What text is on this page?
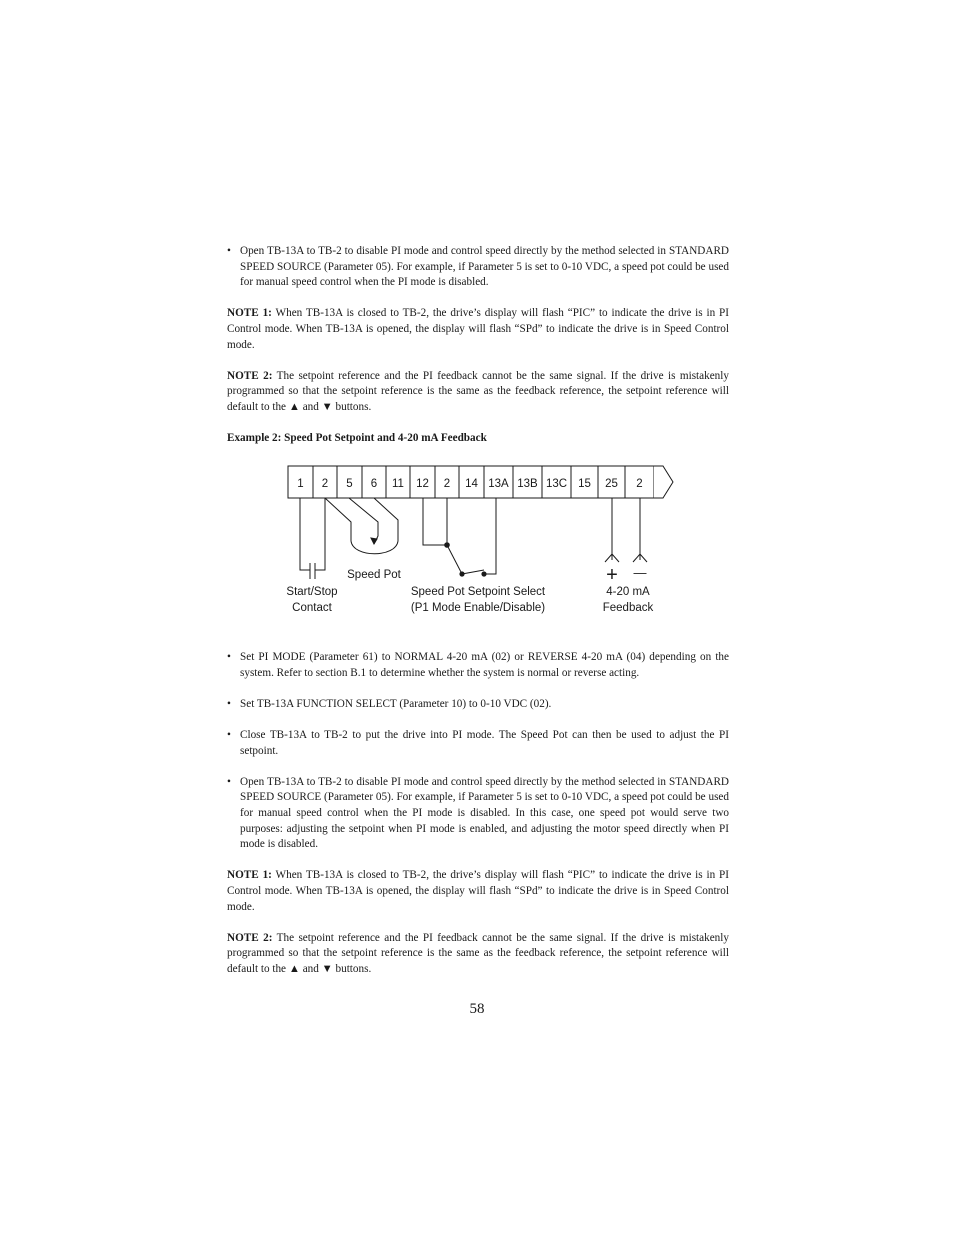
• Open TB-13A to TB-2 to disable PI mode and control speed directly by the method selected in STANDARD SPEED SOURCE (Parameter 05). For example, if Parameter 5 is set to 0-10 VDC, a speed pot could be used for manual speed control when the PI mode is disabled.

NOTE 1: When TB-13A is closed to TB-2, the drive’s display will flash “PIC” to indicate the drive is in PI Control mode. When TB-13A is opened, the display will flash “SPd” to indicate the drive is in Speed Control mode.

NOTE 2: The setpoint reference and the PI feedback cannot be the same signal. If the drive is mistakenly programmed so that the setpoint reference is the same as the feedback reference, the setpoint reference will default to the ▲ and ▼ buttons.

Example 2: Speed Pot Setpoint and 4-20 mA Feedback

1 2 5 6 11 12 2 14 13A 13B 13C 15 25 2
+ —
Speed Pot
Start/Stop
Contact
Speed Pot Setpoint Select
(P1 Mode Enable/Disable)
4-20 mA
Feedback

• Set PI MODE (Parameter 61) to NORMAL 4-20 mA (02) or REVERSE 4-20 mA (04) depending on the system. Refer to section B.1 to determine whether the system is normal or reverse acting.

• Set TB-13A FUNCTION SELECT (Parameter 10) to 0-10 VDC (02).

• Close TB-13A to TB-2 to put the drive into PI mode. The Speed Pot can then be used to adjust the PI setpoint.

• Open TB-13A to TB-2 to disable PI mode and control speed directly by the method selected in STANDARD SPEED SOURCE (Parameter 05). For example, if Parameter 5 is set to 0-10 VDC, a speed pot could be used for manual speed control when the PI mode is disabled. In this case, one speed pot would serve two purposes: adjusting the setpoint when PI mode is enabled, and adjusting the motor speed directly when PI mode is disabled.

NOTE 1: When TB-13A is closed to TB-2, the drive’s display will flash “PIC” to indicate the drive is in PI Control mode. When TB-13A is opened, the display will flash “SPd” to indicate the drive is in Speed Control mode.

NOTE 2: The setpoint reference and the PI feedback cannot be the same signal. If the drive is mistakenly programmed so that the setpoint reference is the same as the feedback reference, the setpoint reference will default to the ▲ and ▼ buttons.

58
